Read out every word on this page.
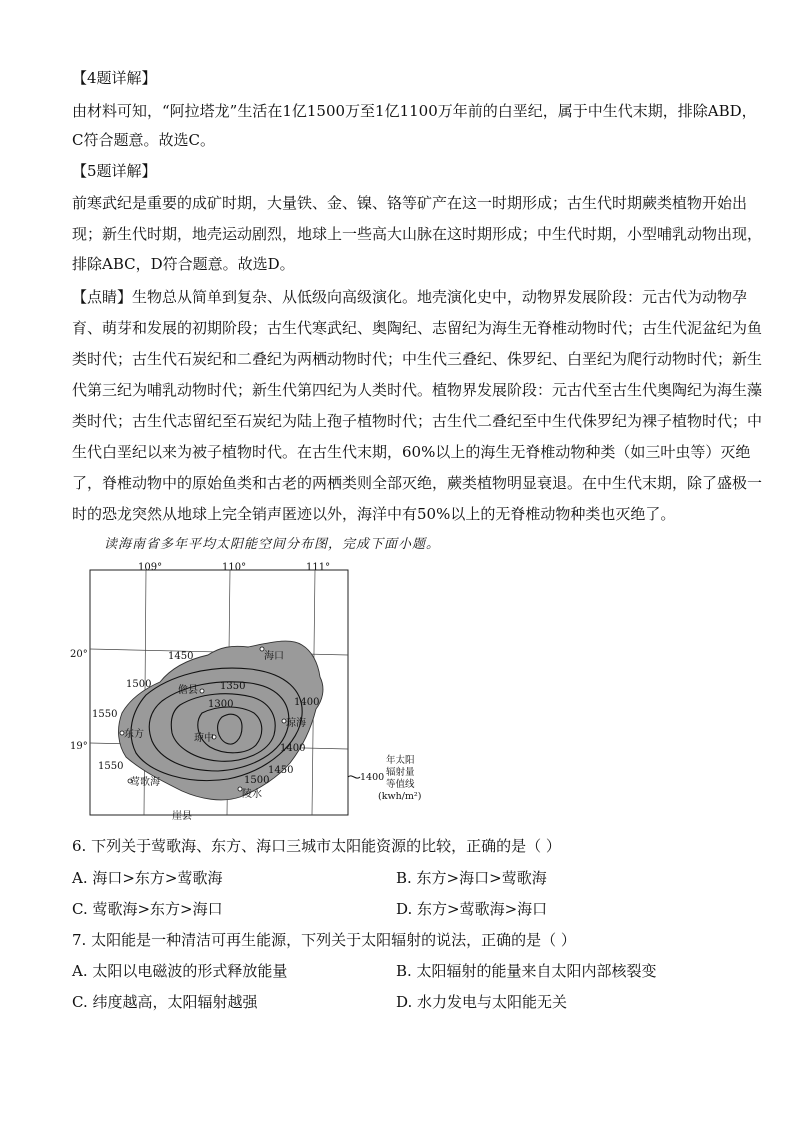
【4题详解】
由材料可知，“阿拉塔龙”生活在1亿1500万至1亿1100万年前的白垩纪，属于中生代末期，排除ABD，
C符合题意。故选C。
【5题详解】
前寒武纪是重要的成矿时期，大量铁、金、镍、铬等矿产在这一时期形成；古生代时期蕨类植物开始出
现；新生代时期，地壳运动剧烈，地球上一些高大山脉在这时期形成；中生代时期，小型哺乳动物出现，
排除ABC，D符合题意。故选D。
【点睛】生物总从简单到复杂、从低级向高级演化。地壳演化史中，动物界发展阶段：元古代为动物孕
育、萌芽和发展的初期阶段；古生代寒武纪、奥陶纪、志留纪为海生无脊椎动物时代；古生代泥盆纪为鱼
类时代；古生代石炭纪和二叠纪为两栖动物时代；中生代三叠纪、侏罗纪、白垩纪为爬行动物时代；新生
代第三纪为哺乳动物时代；新生代第四纪为人类时代。植物界发展阶段：元古代至古生代奥陶纪为海生藻
类时代；古生代志留纪至石炭纪为陆上孢子植物时代；古生代二叠纪至中生代侏罗纪为裸子植物时代；中
生代白垩纪以来为被子植物时代。在古生代末期，60%以上的海生无脊椎动物种类（如三叶虫等）灭绝
了，脊椎动物中的原始鱼类和古老的两栖类则全部灭绝，蕨类植物明显衰退。在中生代末期，除了盛极一
时的恐龙突然从地球上完全销声匿迹以外，海洋中有50%以上的无脊椎动物种类也灭绝了。
读海南省多年平均太阳能空间分布图，完成下面小题。
109°	110°	111°
20°
19°
海口
儋县
琼海
东方	琼中
莺歌海
陵水
崖县
1450
1500	1350
1300	1400
1550
1400
1550	1450
1500	1400
年太阳
辐射量
等值线
(kwh/m²)
6. 下列关于莺歌海、东方、海口三城市太阳能资源的比较，正确的是（ ）
A. 海口>东方>莺歌海	B. 东方>海口>莺歌海
C. 莺歌海>东方>海口	D. 东方>莺歌海>海口
7. 太阳能是一种清洁可再生能源，下列关于太阳辐射的说法，正确的是（ ）
A. 太阳以电磁波的形式释放能量	B. 太阳辐射的能量来自太阳内部核裂变
C. 纬度越高，太阳辐射越强	D. 水力发电与太阳能无关
